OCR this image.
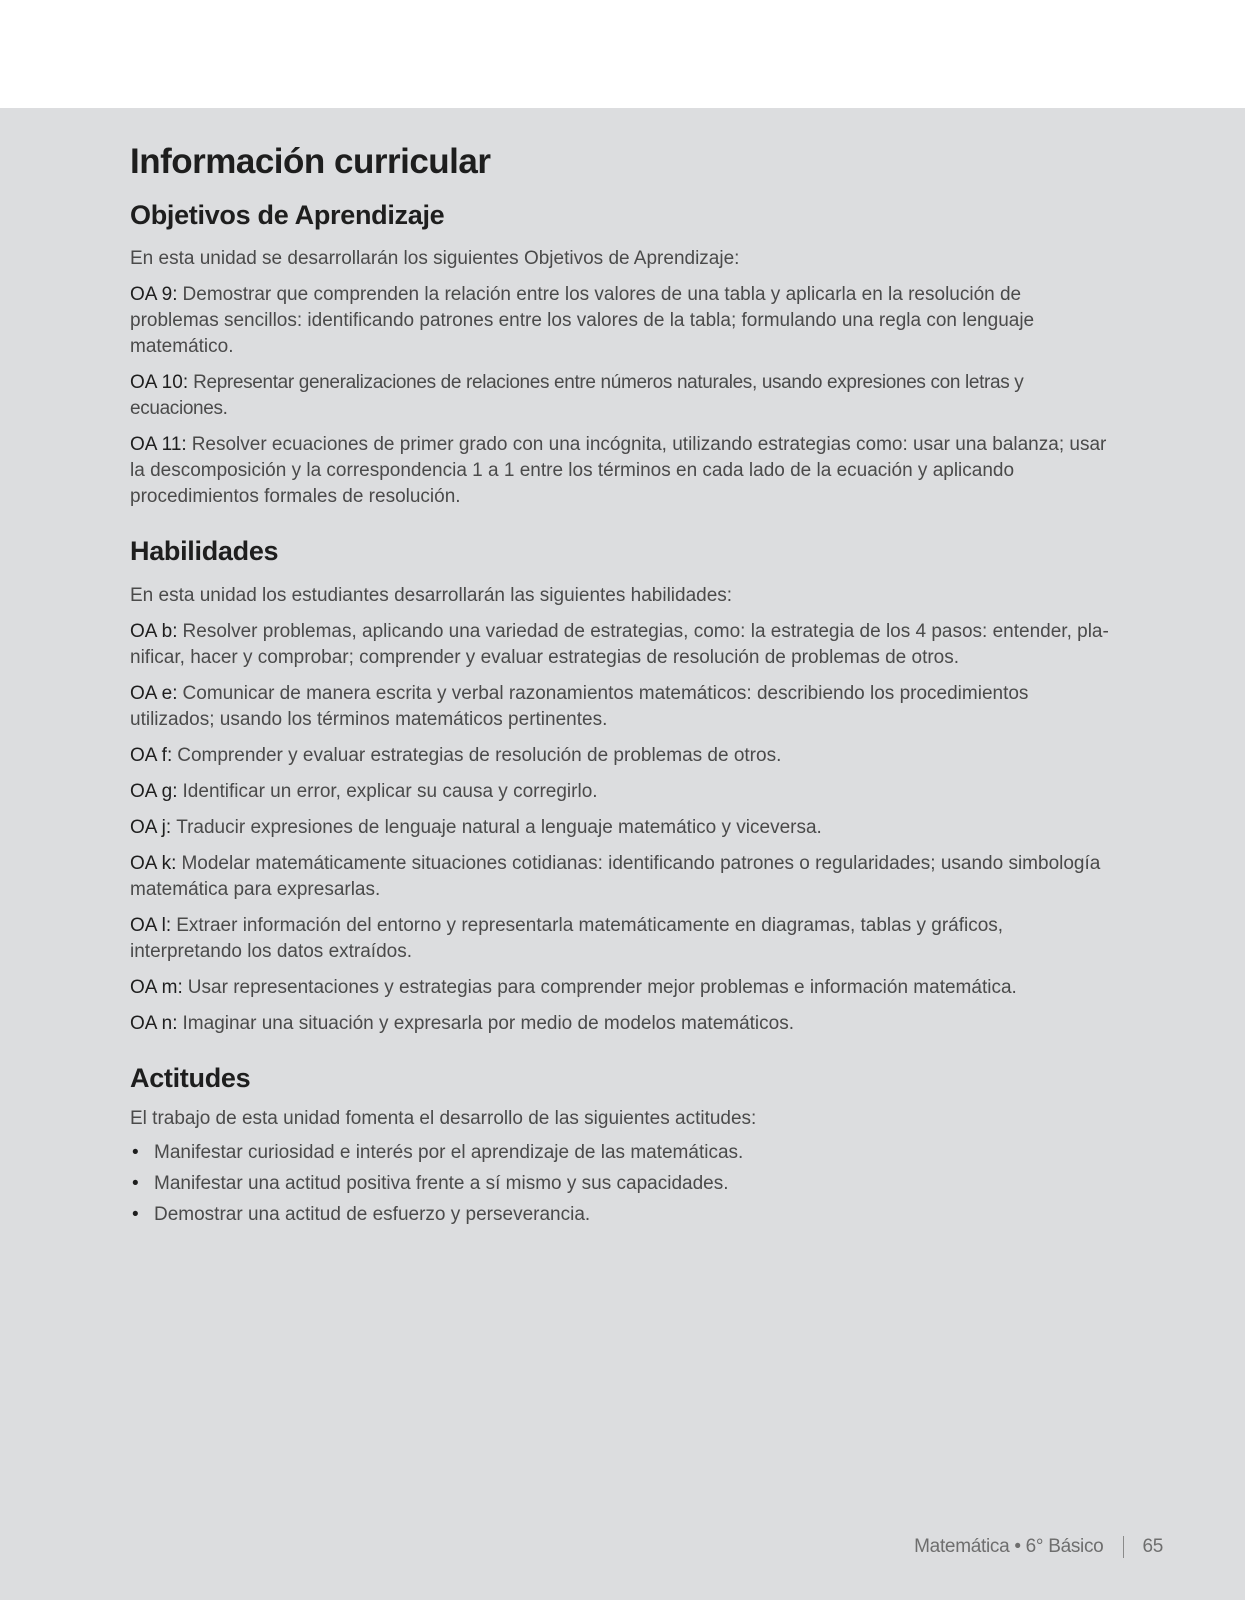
Información curricular
Objetivos de Aprendizaje

En esta unidad se desarrollarán los siguientes Objetivos de Aprendizaje:

OA 9: Demostrar que comprenden la relación entre los valores de una tabla y aplicarla en la resolución de problemas sencillos: identificando patrones entre los valores de la tabla; formulando una regla con lenguaje matemático.

OA 10: Representar generalizaciones de relaciones entre números naturales, usando expresiones con letras y ecuaciones.

OA 11: Resolver ecuaciones de primer grado con una incógnita, utilizando estrategias como: usar una balanza; usar la descomposición y la correspondencia 1 a 1 entre los términos en cada lado de la ecuación y aplicando procedimientos formales de resolución.

Habilidades

En esta unidad los estudiantes desarrollarán las siguientes habilidades:

OA b: Resolver problemas, aplicando una variedad de estrategias, como: la estrategia de los 4 pasos: entender, pla- nificar, hacer y comprobar; comprender y evaluar estrategias de resolución de problemas de otros.

OA e: Comunicar de manera escrita y verbal razonamientos matemáticos: describiendo los procedimientos utilizados; usando los términos matemáticos pertinentes.

OA f: Comprender y evaluar estrategias de resolución de problemas de otros.

OA g: Identificar un error, explicar su causa y corregirlo.

OA j: Traducir expresiones de lenguaje natural a lenguaje matemático y viceversa.

OA k: Modelar matemáticamente situaciones cotidianas: identificando patrones o regularidades; usando simbología matemática para expresarlas.

OA l: Extraer información del entorno y representarla matemáticamente en diagramas, tablas y gráficos, interpretando los datos extraídos.

OA m: Usar representaciones y estrategias para comprender mejor problemas e información matemática.

OA n: Imaginar una situación y expresarla por medio de modelos matemáticos.

Actitudes

El trabajo de esta unidad fomenta el desarrollo de las siguientes actitudes:

• Manifestar curiosidad e interés por el aprendizaje de las matemáticas.
• Manifestar una actitud positiva frente a sí mismo y sus capacidades.
• Demostrar una actitud de esfuerzo y perseverancia.
Matemática • 6° Básico 65
